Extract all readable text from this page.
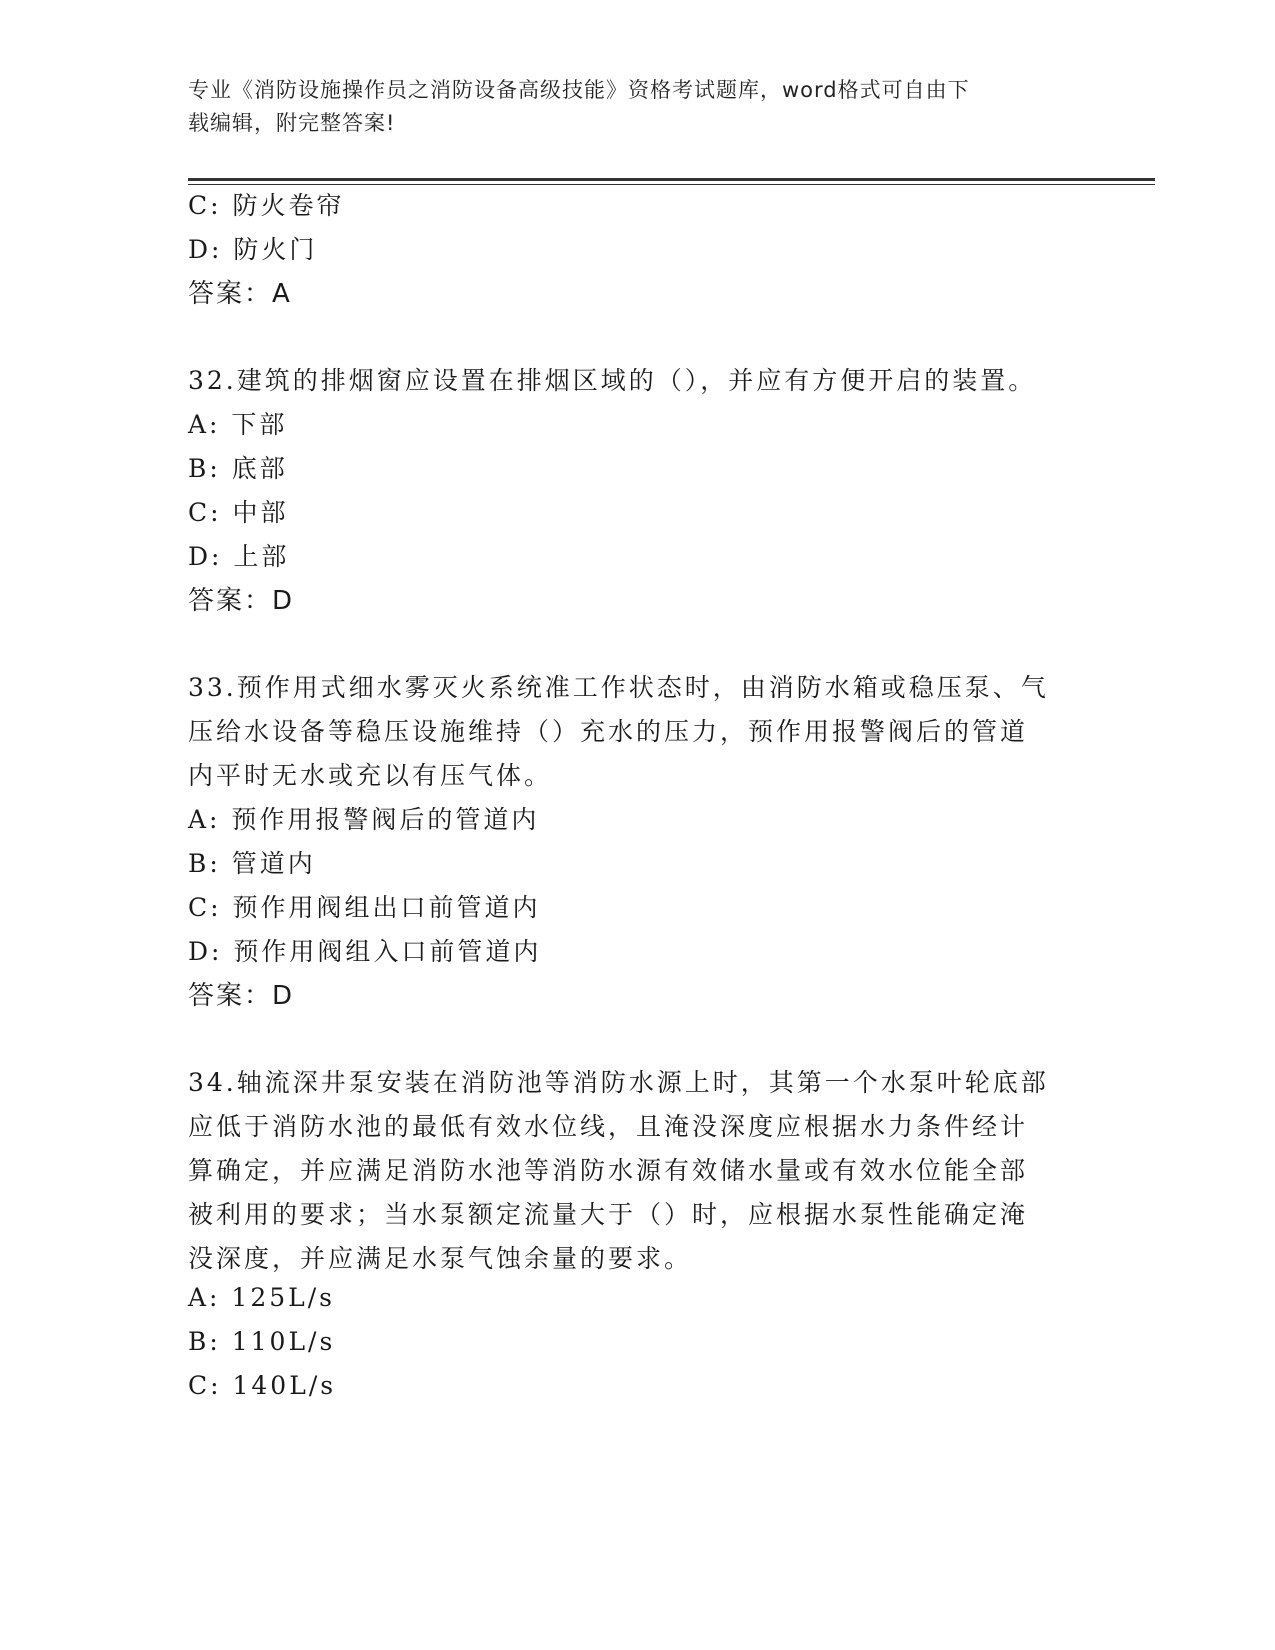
专业《消防设施操作员之消防设备高级技能》资格考试题库，word格式可自由下
载编辑，附完整答案!
C: 防火卷帘
D: 防火门
答案：A
32.建筑的排烟窗应设置在排烟区域的（），并应有方便开启的装置。
A: 下部
B: 底部
C: 中部
D: 上部
答案：D
33.预作用式细水雾灭火系统准工作状态时，由消防水箱或稳压泵、气
压给水设备等稳压设施维持（）充水的压力，预作用报警阀后的管道
内平时无水或充以有压气体。
A: 预作用报警阀后的管道内
B: 管道内
C: 预作用阀组出口前管道内
D: 预作用阀组入口前管道内
答案：D
34.轴流深井泵安装在消防池等消防水源上时，其第一个水泵叶轮底部
应低于消防水池的最低有效水位线，且淹没深度应根据水力条件经计
算确定，并应满足消防水池等消防水源有效储水量或有效水位能全部
被利用的要求；当水泵额定流量大于（）时，应根据水泵性能确定淹
没深度，并应满足水泵气蚀余量的要求。
A: 125L/s
B: 110L/s
C: 140L/s
